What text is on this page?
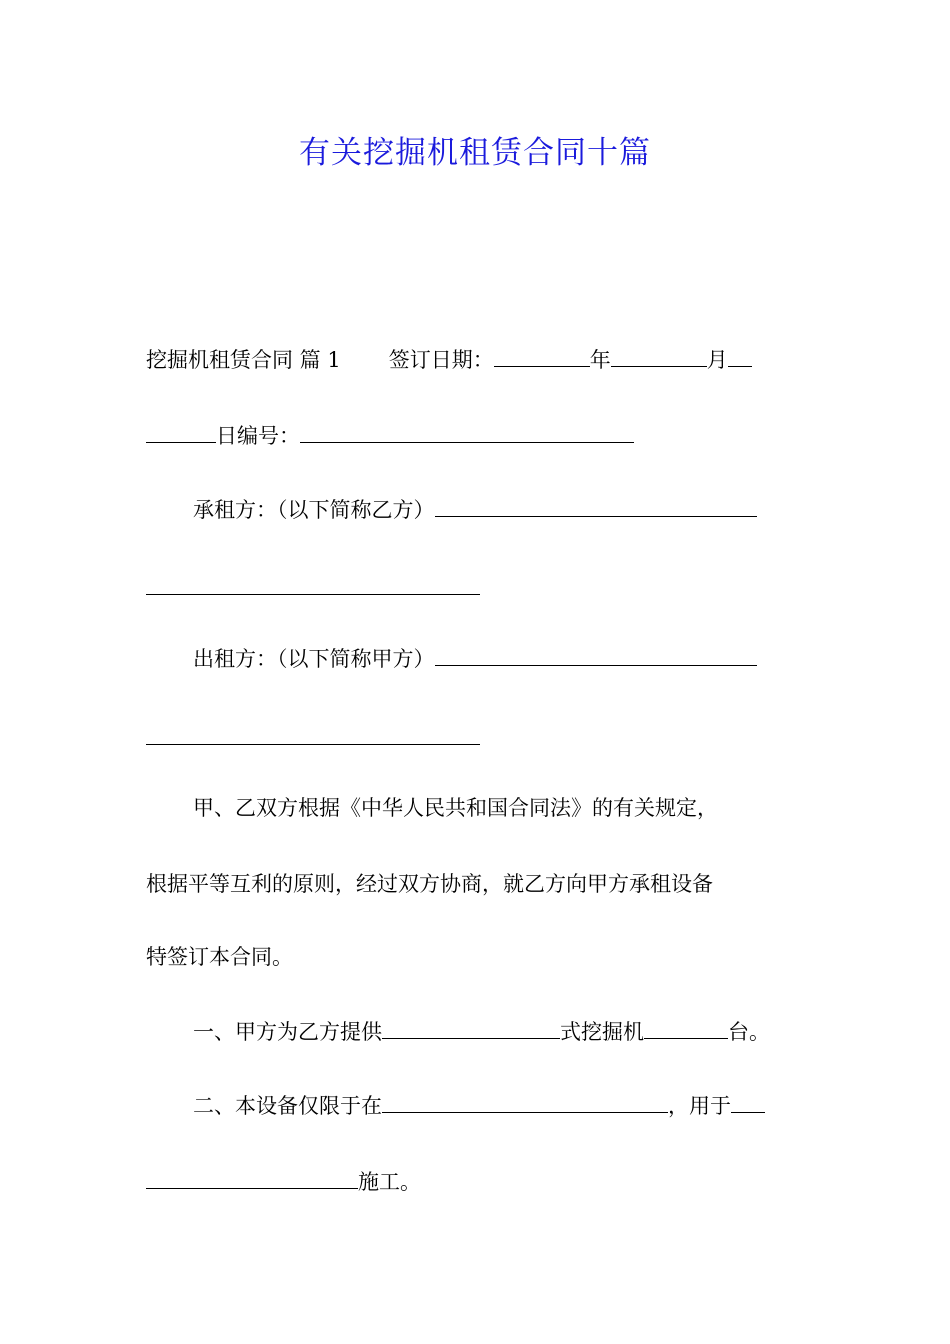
有关挖掘机租赁合同十篇
挖掘机租赁合同 篇 1 签订日期：	年	月
日编号：
承租方：（以下简称乙方）
出租方：（以下简称甲方）
甲、乙双方根据《中华人民共和国合同法》的有关规定，
根据平等互利的原则，经过双方协商，就乙方向甲方承租设备
特签订本合同。
一、甲方为乙方提供	式挖掘机	台。
二、本设备仅限于在	，用于
施工。
